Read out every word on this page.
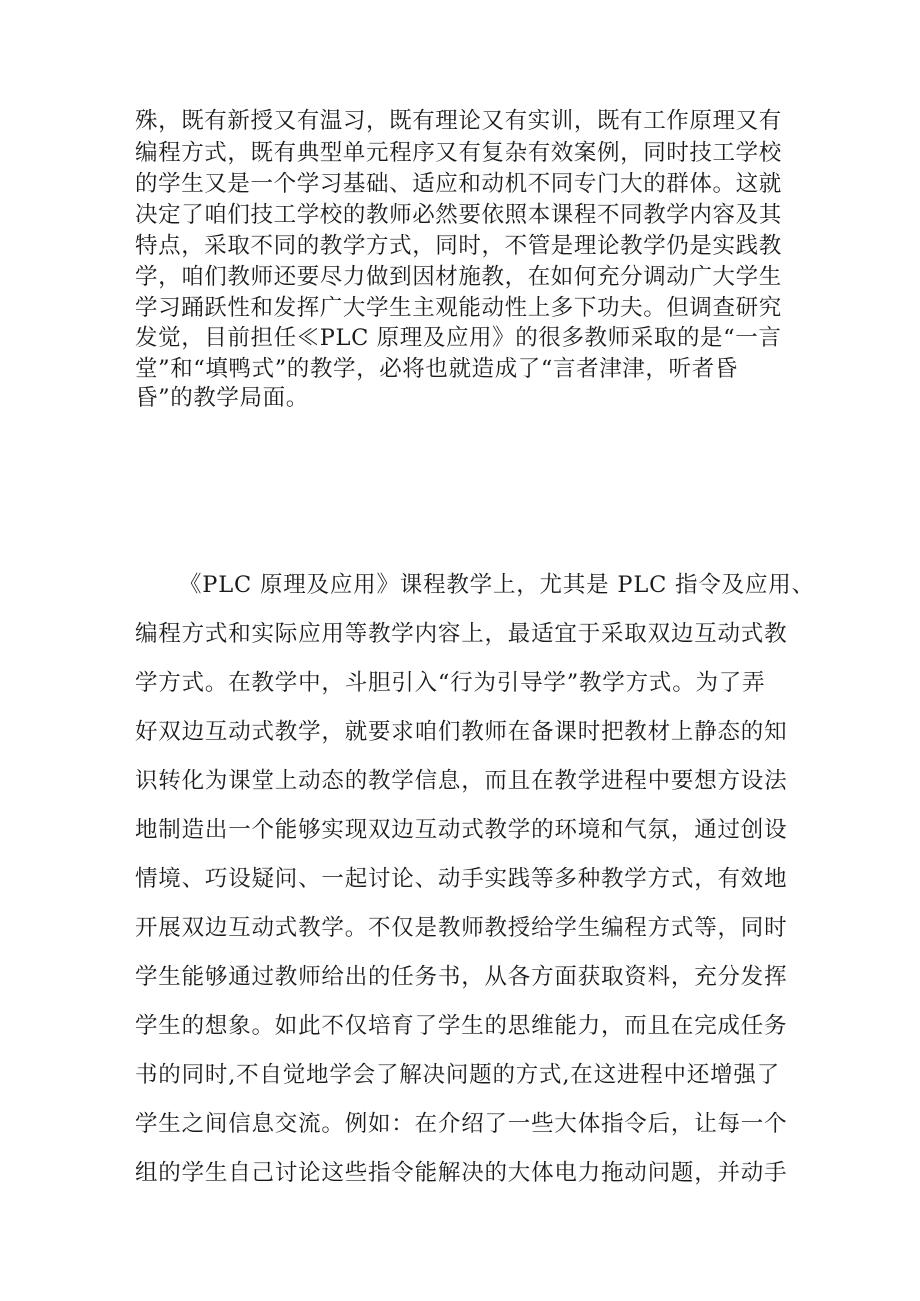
殊，既有新授又有温习，既有理论又有实训，既有工作原理又有
编程方式，既有典型单元程序又有复杂有效案例，同时技工学校
的学生又是一个学习基础、适应和动机不同专门大的群体。这就
决定了咱们技工学校的教师必然要依照本课程不同教学内容及其
特点，采取不同的教学方式，同时，不管是理论教学仍是实践教
学，咱们教师还要尽力做到因材施教，在如何充分调动广大学生
学习踊跃性和发挥广大学生主观能动性上多下功夫。但调查研究
发觉，目前担任≪PLC 原理及应用》的很多教师采取的是“一言
堂”和“填鸭式”的教学，必将也就造成了“言者津津，听者昏
昏”的教学局面。
《PLC 原理及应用》课程教学上，尤其是 PLC 指令及应用、
编程方式和实际应用等教学内容上，最适宜于采取双边互动式教
学方式。在教学中，斗胆引入“行为引导学”教学方式。为了弄
好双边互动式教学，就要求咱们教师在备课时把教材上静态的知
识转化为课堂上动态的教学信息，而且在教学进程中要想方设法
地制造出一个能够实现双边互动式教学的环境和气氛，通过创设
情境、巧设疑问、一起讨论、动手实践等多种教学方式，有效地
开展双边互动式教学。不仅是教师教授给学生编程方式等，同时
学生能够通过教师给出的任务书，从各方面获取资料，充分发挥
学生的想象。如此不仅培育了学生的思维能力，而且在完成任务
书的同时,不自觉地学会了解决问题的方式,在这进程中还增强了
学生之间信息交流。例如：在介绍了一些大体指令后，让每一个
组的学生自己讨论这些指令能解决的大体电力拖动问题，并动手
